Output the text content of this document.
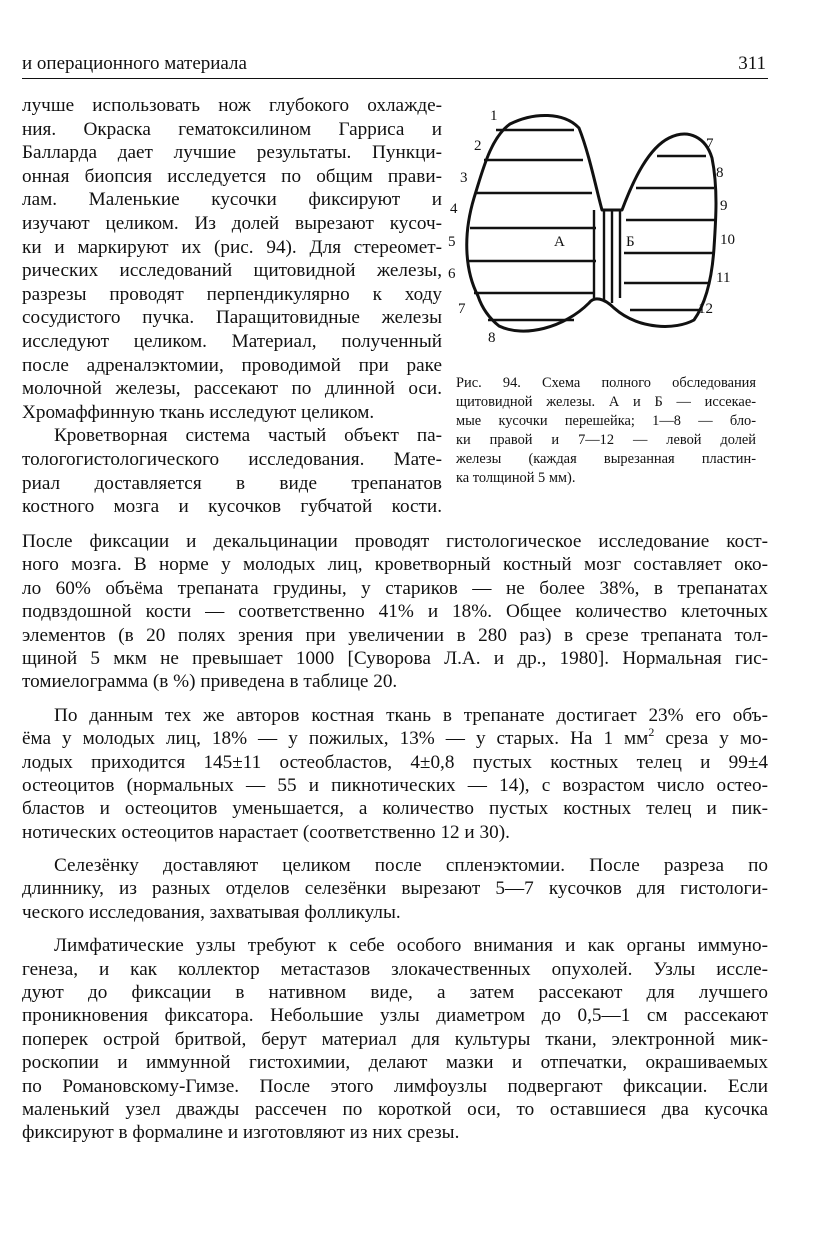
и операционного материала	311
лучше использовать нож глубокого охлажде-
ния. Окраска гематоксилином Гарриса и
Балларда дает лучшие результаты. Пункци-
онная биопсия исследуется по общим прави-
лам. Маленькие кусочки фиксируют и
изучают целиком. Из долей вырезают кусоч-
ки и маркируют их (рис. 94). Для стереомет-
рических исследований щитовидной железы,
разрезы проводят перпендикулярно к ходу
сосудистого пучка. Паращитовидные железы
исследуют целиком. Материал, полученный
после адреналэктомии, проводимой при раке
молочной железы, рассекают по длинной оси.
Хромаффинную ткань исследуют целиком.
Кроветворная система частый объект па-
тологогистологического исследования. Мате-
риал доставляется в виде трепанатов
костного мозга и кусочков губчатой кости.
А	Б
1
2
3
4
5
6
7
8
7
8
9
10
11
12
Рис. 94. Схема полного обследования
щитовидной железы. А и Б — иссекае-
мые кусочки перешейка; 1—8 — бло-
ки правой и 7—12 — левой долей
железы (каждая вырезанная пластин-
ка толщиной 5 мм).
После фиксации и декальцинации проводят гистологическое исследование кост-
ного мозга. В норме у молодых лиц, кроветворный костный мозг составляет око-
ло 60% объёма трепаната грудины, у стариков — не более 38%, в трепанатах
подвздошной кости — соответственно 41% и 18%. Общее количество клеточных
элементов (в 20 полях зрения при увеличении в 280 раз) в срезе трепаната тол-
щиной 5 мкм не превышает 1000 [Суворова Л.А. и др., 1980]. Нормальная гис-
томиелограмма (в %) приведена в таблице 20.
По данным тех же авторов костная ткань в трепанате достигает 23% его объ-
ёма у молодых лиц, 18% — у пожилых, 13% — у старых. На 1 $мм^2$ среза у мо-
лодых приходится 145±11 остеобластов, 4±0,8 пустых костных телец и 99±4
остеоцитов (нормальных — 55 и пикнотических — 14), с возрастом число остео-
бластов и остеоцитов уменьшается, а количество пустых костных телец и пик-
нотических остеоцитов нарастает (соответственно 12 и 30).
Селезёнку доставляют целиком после спленэктомии. После разреза по
длиннику, из разных отделов селезёнки вырезают 5—7 кусочков для гистологи-
ческого исследования, захватывая фолликулы.
Лимфатические узлы требуют к себе особого внимания и как органы иммуно-
генеза, и как коллектор метастазов злокачественных опухолей. Узлы иссле-
дуют до фиксации в нативном виде, а затем рассекают для лучшего
проникновения фиксатора. Небольшие узлы диаметром до 0,5—1 см рассекают
поперек острой бритвой, берут материал для культуры ткани, электронной мик-
роскопии и иммунной гистохимии, делают мазки и отпечатки, окрашиваемых
по Романовскому-Гимзе. После этого лимфоузлы подвергают фиксации. Если
маленький узел дважды рассечен по короткой оси, то оставшиеся два кусочка
фиксируют в формалине и изготовляют из них срезы.
